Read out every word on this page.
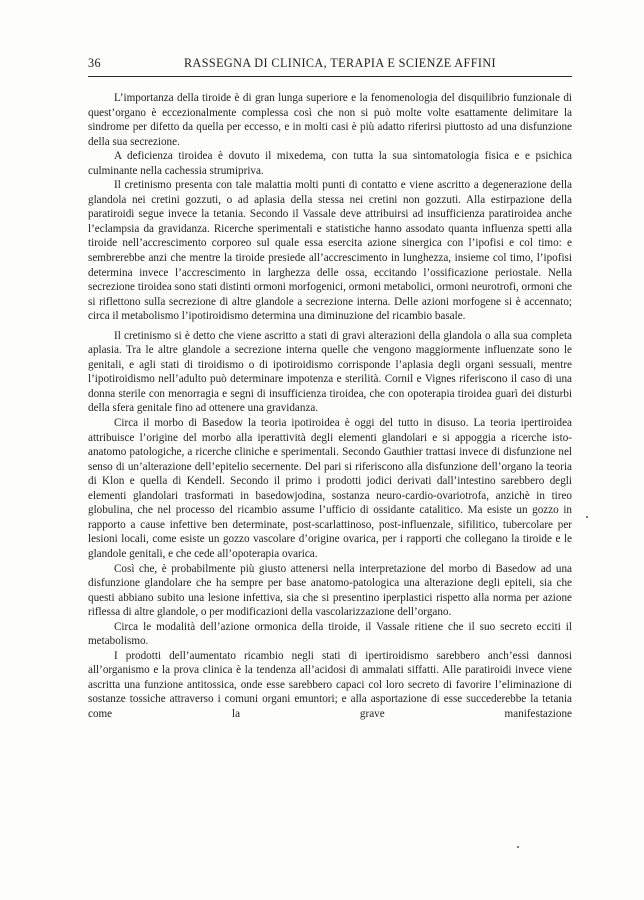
36	RASSEGNA DI CLINICA, TERAPIA E SCIENZE AFFINI

L’importanza della tiroide è di gran lunga superiore e la fenomenologia del disquilibrio funzionale di quest’organo è eccezionalmente complessa così che non si può molte volte esattamente delimitare la sindrome per difetto da quella per eccesso, e in molti casi è più adatto riferirsi piuttosto ad una disfunzione della sua secrezione.

A deficienza tiroidea è dovuto il mixedema, con tutta la sua sintomatologia fisica e e psichica culminante nella cachessia strumipriva.

Il cretinismo presenta con tale malattia molti punti di contatto e viene ascritto a degenerazione della glandola nei cretini gozzuti, o ad aplasia della stessa nei cretini non gozzuti. Alla estirpazione della paratiroidi segue invece la tetania. Secondo il Vassale deve attribuirsi ad insufficienza paratiroidea anche l’eclampsia da gravidanza. Ricerche sperimentali e statistiche hanno assodato quanta influenza spetti alla tiroide nell’accrescimento corporeo sul quale essa esercita azione sinergica con l’ipofisi e col timo: e sembrerebbe anzi che mentre la tiroide presiede all’accrescimento in lunghezza, insieme col timo, l’ipofisi determina invece l’accrescimento in larghezza delle ossa, eccitando l’ossificazione periostale. Nella secrezione tiroidea sono stati distinti ormoni morfogenici, ormoni metabolici, ormoni neurotrofi, ormoni che si riflettono sulla secrezione di altre glandole a secrezione interna. Delle azioni morfogene si è accennato; circa il metabolismo l’ipotiroidismo determina una diminuzione del ricambio basale.

Il cretinismo si è detto che viene ascritto a stati di gravi alterazioni della glandola o alla sua completa aplasia. Tra le altre glandole a secrezione interna quelle che vengono maggiormente influenzate sono le genitali, e agli stati di tiroidismo o di ipotiroidismo corrisponde l’aplasia degli organi sessuali, mentre l’ipotiroidismo nell’adulto può determinare impotenza e sterilità. Cornil e Vignes riferiscono il caso di una donna sterile con menorragia e segni di insufficienza tiroidea, che con opoterapia tiroidea guarì dei disturbi della sfera genitale fino ad ottenere una gravidanza.

Circa il morbo di Basedow la teoria ipotiroidea è oggi del tutto in disuso. La teoria ipertiroidea attribuisce l’origine del morbo alla iperattività degli elementi glandolari e si appoggia a ricerche isto-anatomo patologiche, a ricerche cliniche e sperimentali. Secondo Gauthier trattasi invece di disfunzione nel senso di un’alterazione dell’epitelio secernente. Del pari si riferiscono alla disfunzione dell’organo la teoria di Klon e quella di Kendell. Secondo il primo i prodotti jodici derivati dall’intestino sarebbero degli elementi glandolari trasformati in basedowjodina, sostanza neuro-cardio-ovariotrofa, anzichè in tireo globulina, che nel processo del ricambio assume l’ufficio di ossidante catalitico. Ma esiste un gozzo in rapporto a cause infettive ben determinate, post-scarlattinoso, post-influenzale, sifilitico, tubercolare per lesioni locali, come esiste un gozzo vascolare d’origine ovarica, per i rapporti che collegano la tiroide e le glandole genitali, e che cede all’opoterapia ovarica.

Così che, è probabilmente più giusto attenersi nella interpretazione del morbo di Basedow ad una disfunzione glandolare che ha sempre per base anatomo-patologica una alterazione degli epiteli, sia che questi abbiano subito una lesione infettiva, sia che si presentino iperplastici rispetto alla norma per azione riflessa di altre glandole, o per modificazioni della vascolarizzazione dell’organo.

Circa le modalità dell’azione ormonica della tiroide, il Vassale ritiene che il suo secreto ecciti il metabolismo.

I prodotti dell’aumentato ricambio negli stati di ipertiroidismo sarebbero anch’essi dannosi all’organismo e la prova clinica è la tendenza all’acidosi di ammalati siffatti. Alle paratiroidi invece viene ascritta una funzione antitossica, onde esse sarebbero capaci col loro secreto di favorire l’eliminazione di sostanze tossiche attraverso i comuni organi emuntori; e alla asportazione di esse succederebbe la tetania come la grave manifestazione
